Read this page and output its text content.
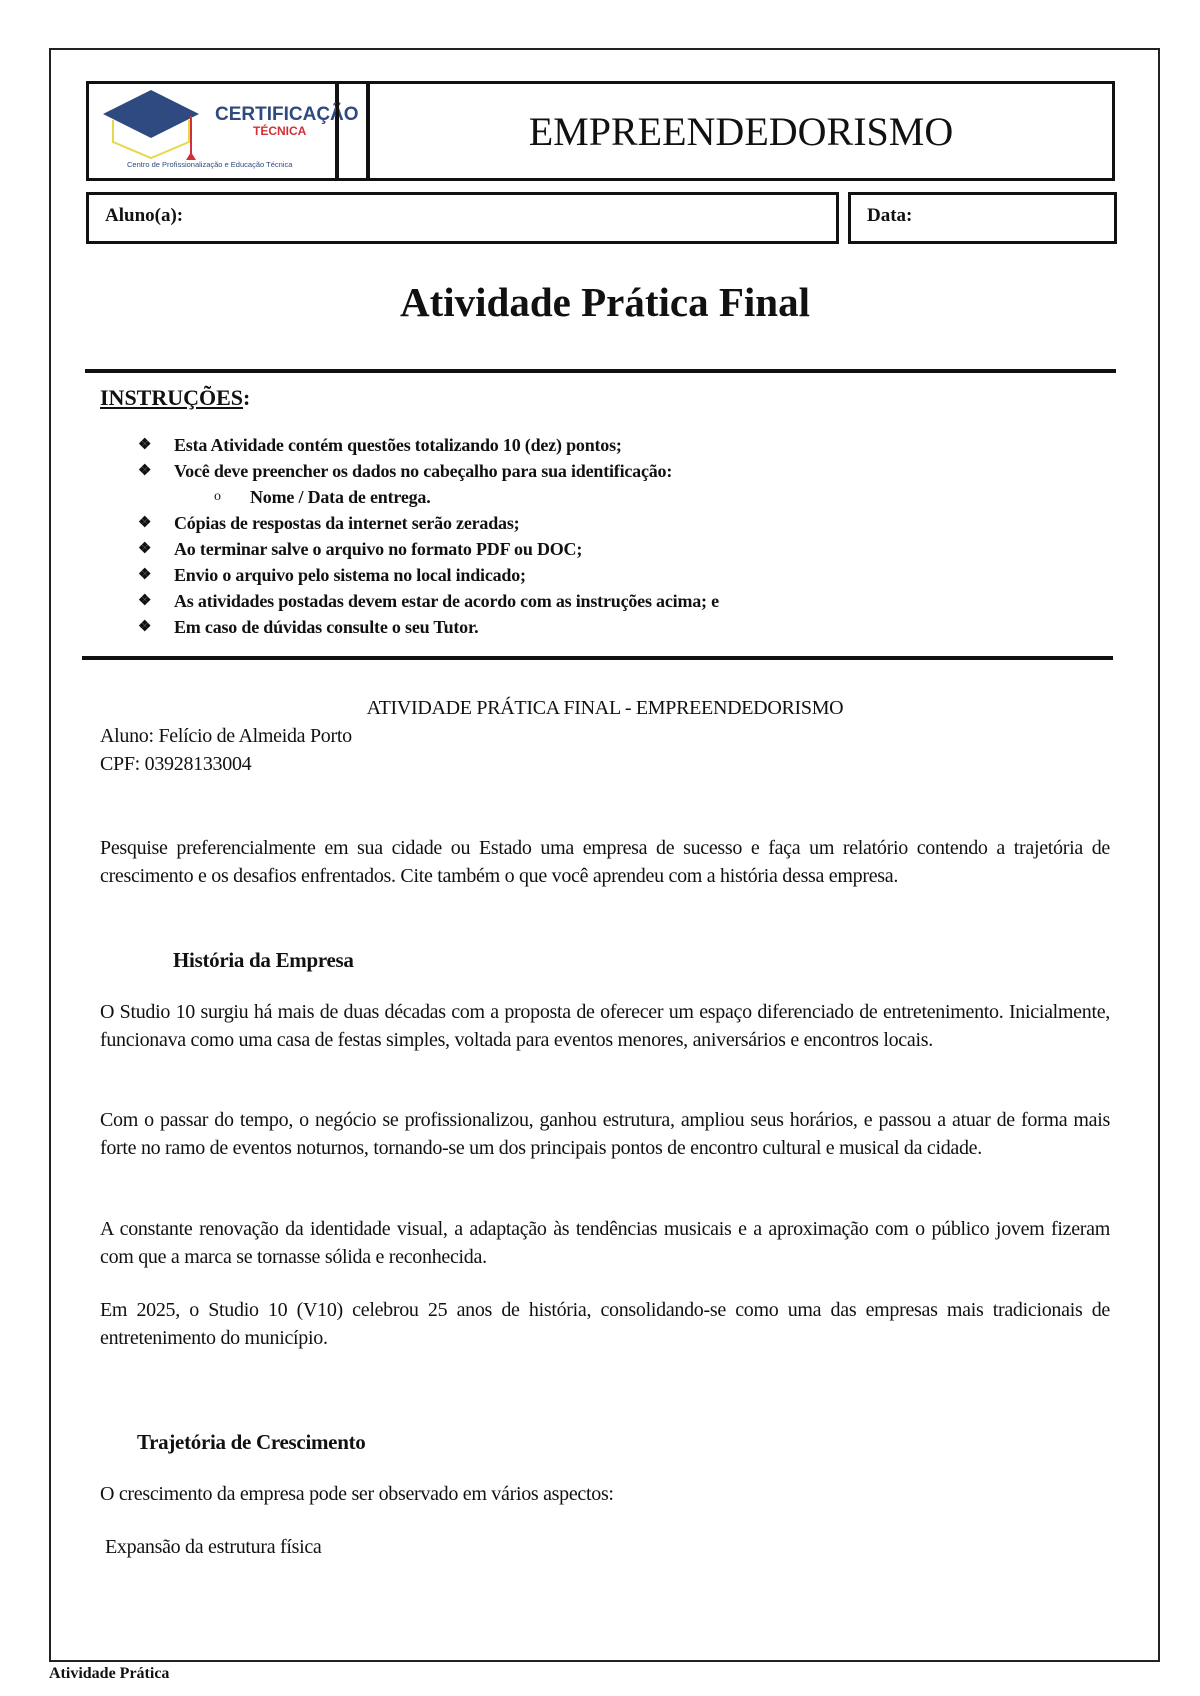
CERTIFICAÇÃO
TÉCNICA
Centro de Profissionalização e Educação Técnica
EMPREENDEDORISMO
Aluno(a):	Data:
Atividade Prática Final
INSTRUÇÕES:
❖	Esta Atividade contém questões totalizando 10 (dez) pontos;
❖	Você deve preencher os dados no cabeçalho para sua identificação:
o	Nome / Data de entrega.
❖	Cópias de respostas da internet serão zeradas;
❖	Ao terminar salve o arquivo no formato PDF ou DOC;
❖	Envio o arquivo pelo sistema no local indicado;
❖	As atividades postadas devem estar de acordo com as instruções acima; e
❖	Em caso de dúvidas consulte o seu Tutor.
ATIVIDADE PRÁTICA FINAL - EMPREENDEDORISMO
Aluno: Felício de Almeida Porto
CPF: 03928133004
Pesquise preferencialmente em sua cidade ou Estado uma empresa de sucesso e faça um relatório contendo a trajetória de crescimento e os desafios enfrentados. Cite também o que você aprendeu com a história dessa empresa.
História da Empresa
O Studio 10 surgiu há mais de duas décadas com a proposta de oferecer um espaço diferenciado de entretenimento. Inicialmente, funcionava como uma casa de festas simples, voltada para eventos menores, aniversários e encontros locais.
Com o passar do tempo, o negócio se profissionalizou, ganhou estrutura, ampliou seus horários, e passou a atuar de forma mais forte no ramo de eventos noturnos, tornando-se um dos principais pontos de encontro cultural e musical da cidade.
A constante renovação da identidade visual, a adaptação às tendências musicais e a aproximação com o público jovem fizeram com que a marca se tornasse sólida e reconhecida.
Em 2025, o Studio 10 (V10) celebrou 25 anos de história, consolidando-se como uma das empresas mais tradicionais de entretenimento do município.
Trajetória de Crescimento
O crescimento da empresa pode ser observado em vários aspectos:
Expansão da estrutura física
Atividade Prática
